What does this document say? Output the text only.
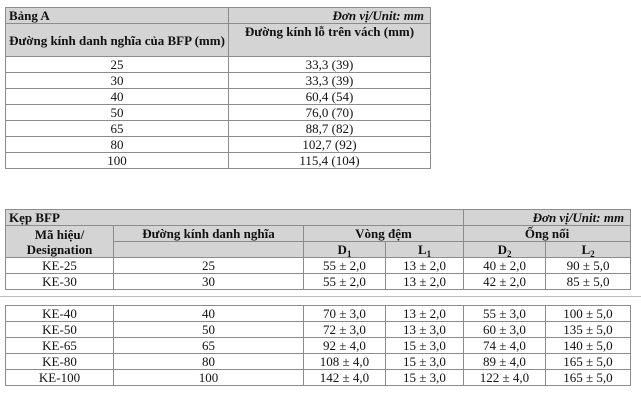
Bảng A	Đơn vị/Unit: mm
Đường kính danh nghĩa của BFP (mm)	Đường kính lỗ trên vách (mm)
25	33,3 (39)
30	33,3 (39)
40	60,4 (54)
50	76,0 (70)
65	88,7 (82)
80	102,7 (92)
100	115,4 (104)
Kẹp BFP				Đơn vị/Unit: mm	

Mã hiệu/
Designation	Đường kính danh nghĩa	Vòng đệm		Ống nối	
		$D_1$	$L_1$	$D_2$	$L_2$
KE-25	25	55 ± 2,0	13 ± 2,0	40 ± 2,0	90 ± 5,0
KE-30	30	55 ± 2,0	13 ± 2,0	42 ± 2,0	85 ± 5,0
KE-40	40	70 ± 3,0	13 ± 2,0	55 ± 3,0	100 ± 5,0
KE-50	50	72 ± 3,0	13 ± 3,0	60 ± 3,0	135 ± 5,0
KE-65	65	92 ± 4,0	15 ± 3,0	74 ± 4,0	140 ± 5,0
KE-80	80	108 ± 4,0	15 ± 3,0	89 ± 4,0	165 ± 5,0
KE-100	100	142 ± 4,0	15 ± 3,0	122 ± 4,0	165 ± 5,0
